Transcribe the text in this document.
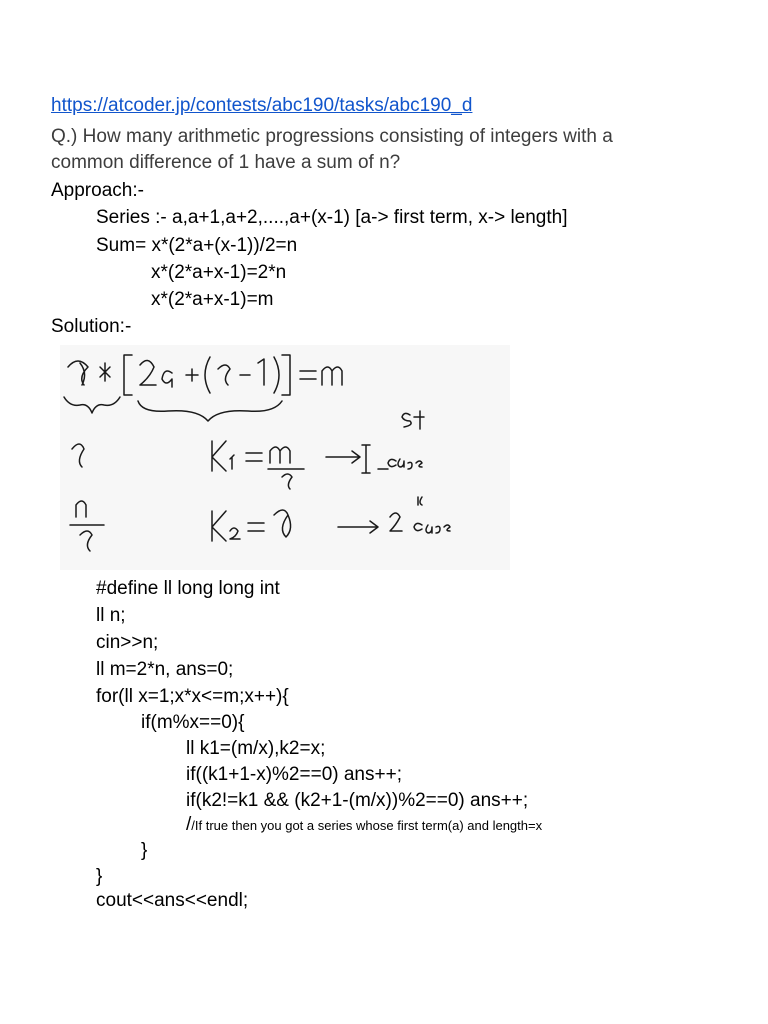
https://atcoder.jp/contests/abc190/tasks/abc190_d
Q.) How many arithmetic progressions consisting of integers with a
common difference of 1 have a sum of n?
Approach:-
Series :- a,a+1,a+2,....,a+(x-1) [a-> first term, x-> length]
Sum= x*(2*a+(x-1))/2=n
x*(2*a+x-1)=2*n
x*(2*a+x-1)=m
Solution:-
#define ll long long int
ll n;
cin>>n;
ll m=2*n, ans=0;
for(ll x=1;x*x<=m;x++){
if(m%x==0){
ll k1=(m/x),k2=x;
if((k1+1-x)%2==0) ans++;
if(k2!=k1 && (k2+1-(m/x))%2==0) ans++;
//If true then you got a series whose first term(a) and length=x
}
}
cout<<ans<<endl;
